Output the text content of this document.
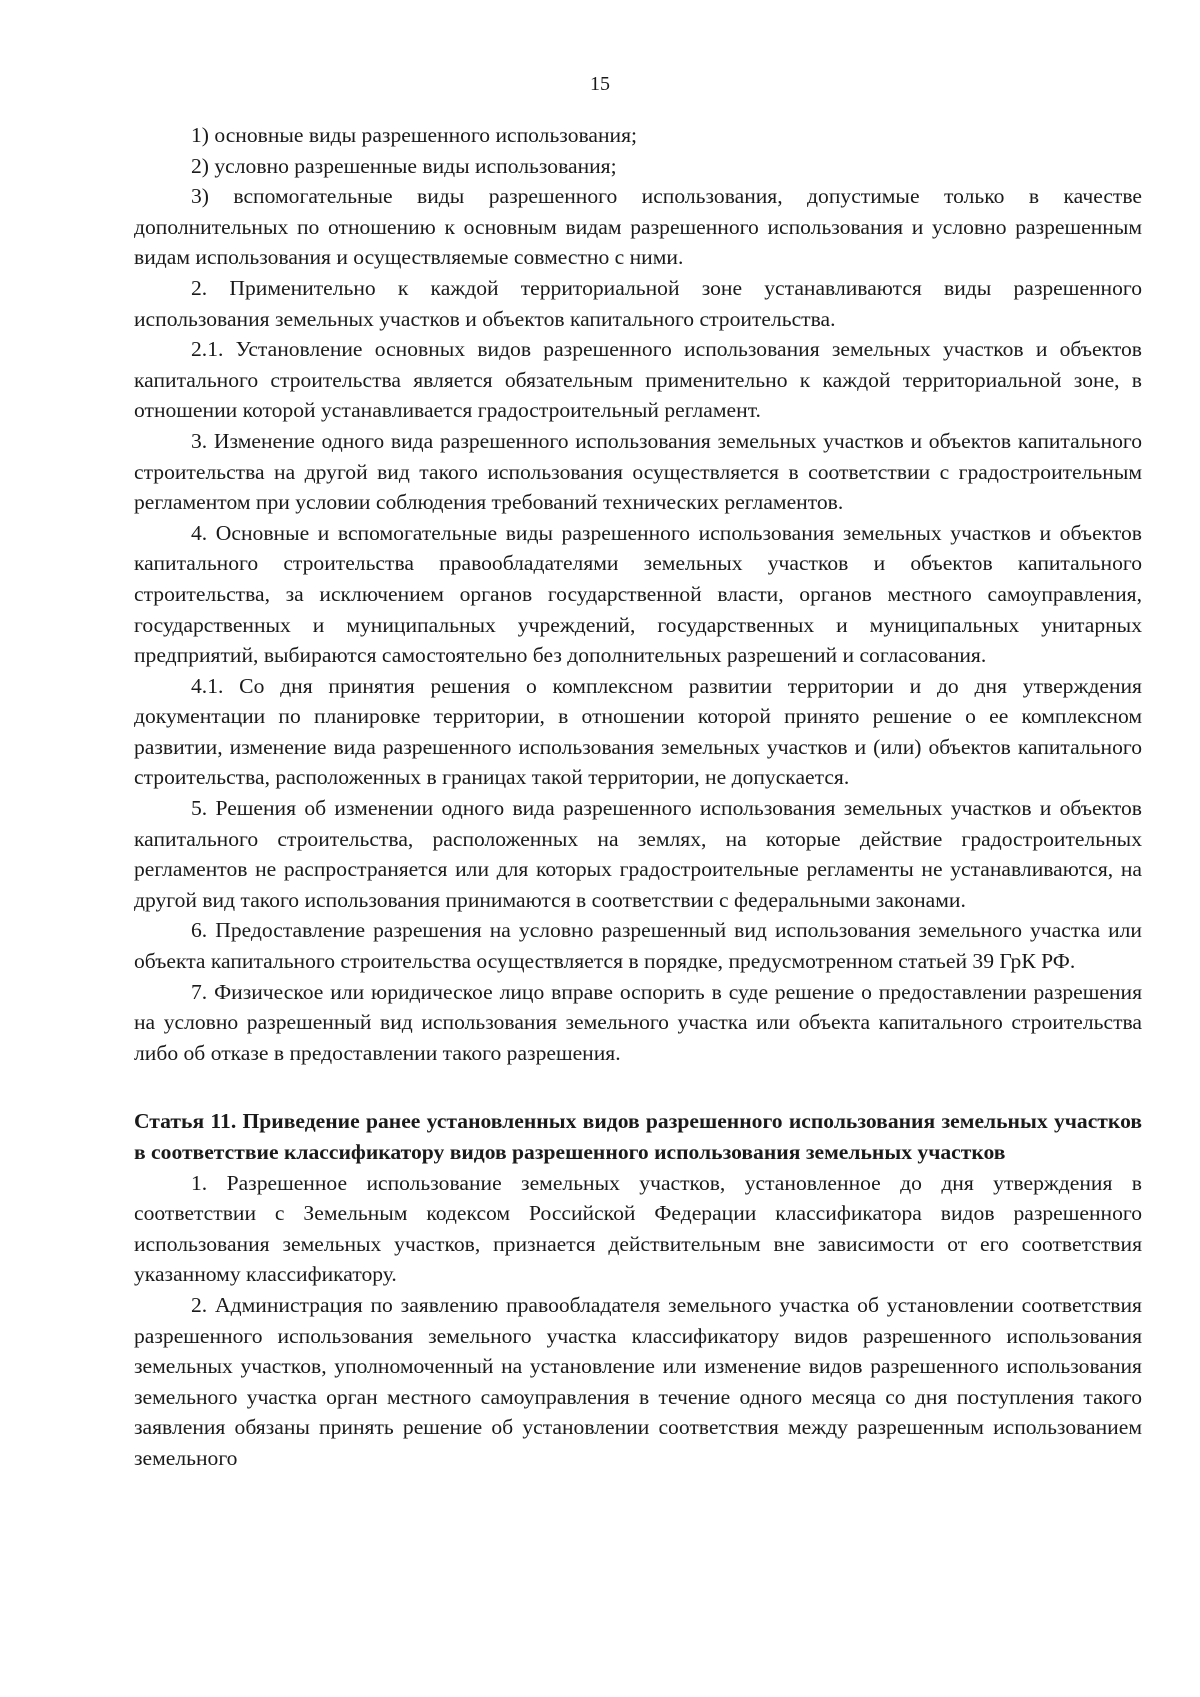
15

1) основные виды разрешенного использования;

2) условно разрешенные виды использования;

3) вспомогательные виды разрешенного использования, допустимые только в качестве дополнительных по отношению к основным видам разрешенного использования и условно разрешенным видам использования и осуществляемые совместно с ними.

2. Применительно к каждой территориальной зоне устанавливаются виды разрешенного использования земельных участков и объектов капитального строительства.

2.1. Установление основных видов разрешенного использования земельных участков и объектов капитального строительства является обязательным применительно к каждой территориальной зоне, в отношении которой устанавливается градостроительный регламент.

3. Изменение одного вида разрешенного использования земельных участков и объектов капитального строительства на другой вид такого использования осуществляется в соответствии с градостроительным регламентом при условии соблюдения требований технических регламентов.

4. Основные и вспомогательные виды разрешенного использования земельных участков и объектов капитального строительства правообладателями земельных участков и объектов капитального строительства, за исключением органов государственной власти, органов местного самоуправления, государственных и муниципальных учреждений, государственных и муниципальных унитарных предприятий, выбираются самостоятельно без дополнительных разрешений и согласования.

4.1. Со дня принятия решения о комплексном развитии территории и до дня утверждения документации по планировке территории, в отношении которой принято решение о ее комплексном развитии, изменение вида разрешенного использования земельных участков и (или) объектов капитального строительства, расположенных в границах такой территории, не допускается.

5. Решения об изменении одного вида разрешенного использования земельных участков и объектов капитального строительства, расположенных на землях, на которые действие градостроительных регламентов не распространяется или для которых градостроительные регламенты не устанавливаются, на другой вид такого использования принимаются в соответствии с федеральными законами.

6. Предоставление разрешения на условно разрешенный вид использования земельного участка или объекта капитального строительства осуществляется в порядке, предусмотренном статьей 39 ГрК РФ.

7. Физическое или юридическое лицо вправе оспорить в суде решение о предоставлении разрешения на условно разрешенный вид использования земельного участка или объекта капитального строительства либо об отказе в предоставлении такого разрешения.

Статья 11. Приведение ранее установленных видов разрешенного использования земельных участков в соответствие классификатору видов разрешенного использования земельных участков

1. Разрешенное использование земельных участков, установленное до дня утверждения в соответствии с Земельным кодексом Российской Федерации классификатора видов разрешенного использования земельных участков, признается действительным вне зависимости от его соответствия указанному классификатору.

2. Администрация по заявлению правообладателя земельного участка об установлении соответствия разрешенного использования земельного участка классификатору видов разрешенного использования земельных участков, уполномоченный на установление или изменение видов разрешенного использования земельного участка орган местного самоуправления в течение одного месяца со дня поступления такого заявления обязаны принять решение об установлении соответствия между разрешенным использованием земельного
